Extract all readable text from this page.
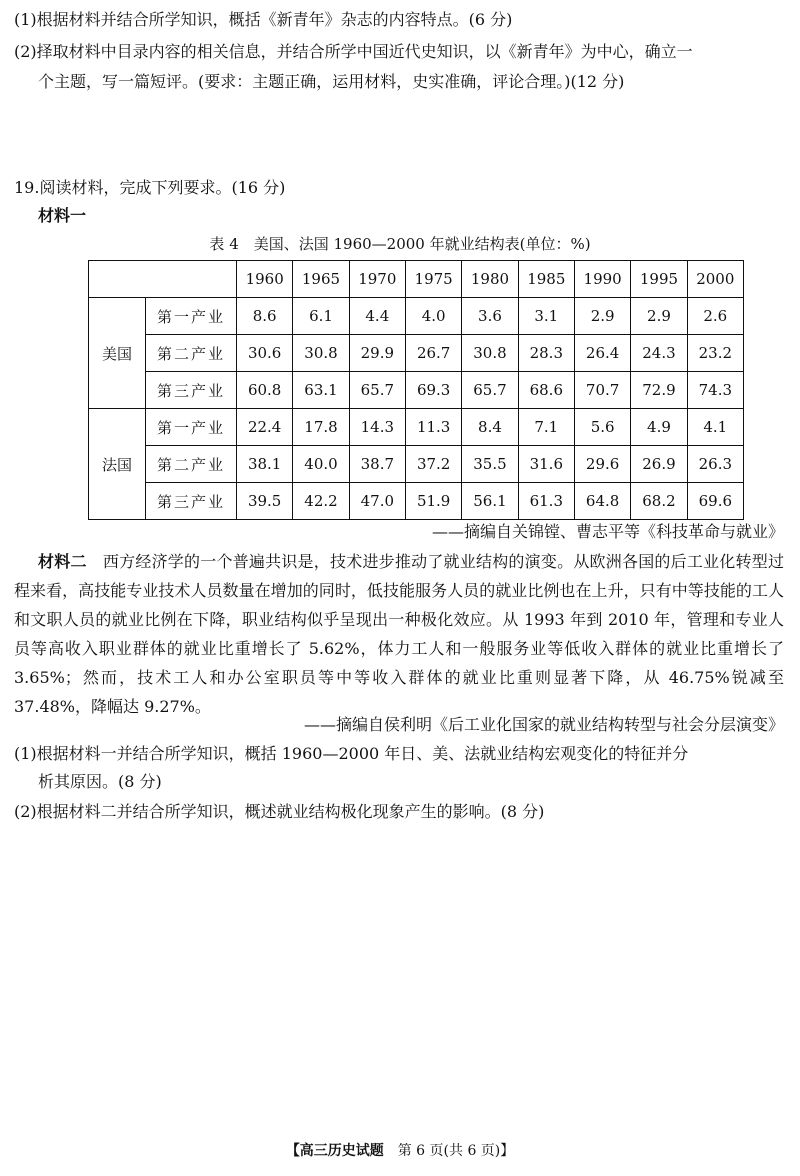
(1)根据材料并结合所学知识，概括《新青年》杂志的内容特点。(6 分)
(2)择取材料中目录内容的相关信息，并结合所学中国近代史知识，以《新青年》为中心，确立一
个主题，写一篇短评。(要求：主题正确，运用材料，史实准确，评论合理。)(12 分)
19.阅读材料，完成下列要求。(16 分)
材料一
表 4　美国、法国 1960—2000 年就业结构表(单位：%)
		1960	1965	1970	1975	1980	1985	1990	1995	2000
美国	第一产业	8.6	6.1	4.4	4.0	3.6	3.1	2.9	2.9	2.6
	第二产业	30.6	30.8	29.9	26.7	30.8	28.3	26.4	24.3	23.2
	第三产业	60.8	63.1	65.7	69.3	65.7	68.6	70.7	72.9	74.3
法国	第一产业	22.4	17.8	14.3	11.3	8.4	7.1	5.6	4.9	4.1
	第二产业	38.1	40.0	38.7	37.2	35.5	31.6	29.6	26.9	26.3
	第三产业	39.5	42.2	47.0	51.9	56.1	61.3	64.8	68.2	69.6
——摘编自关锦镗、曹志平等《科技革命与就业》
材料二　 西方经济学的一个普遍共识是，技术进步推动了就业结构的演变。从欧洲各国的后工业化转型过程来看，高技能专业技术人员数量在增加的同时，低技能服务人员的就业比例也在上升，只有中等技能的工人和文职人员的就业比例在下降，职业结构似乎呈现出一种极化效应。从 1993 年到 2010 年，管理和专业人员等高收入职业群体的就业比重增长了 5.62%，体力工人和一般服务业等低收入群体的就业比重增长了 3.65%；然而，技术工人和办公室职员等中等收入群体的就业比重则显著下降，从 46.75%锐减至 37.48%，降幅达 9.27%。
——摘编自侯利明《后工业化国家的就业结构转型与社会分层演变》
(1)根据材料一并结合所学知识，概括 1960—2000 年日、美、法就业结构宏观变化的特征并分
析其原因。(8 分)
(2)根据材料二并结合所学知识，概述就业结构极化现象产生的影响。(8 分)
【高三历史试题　 第 6 页(共 6 页)】
